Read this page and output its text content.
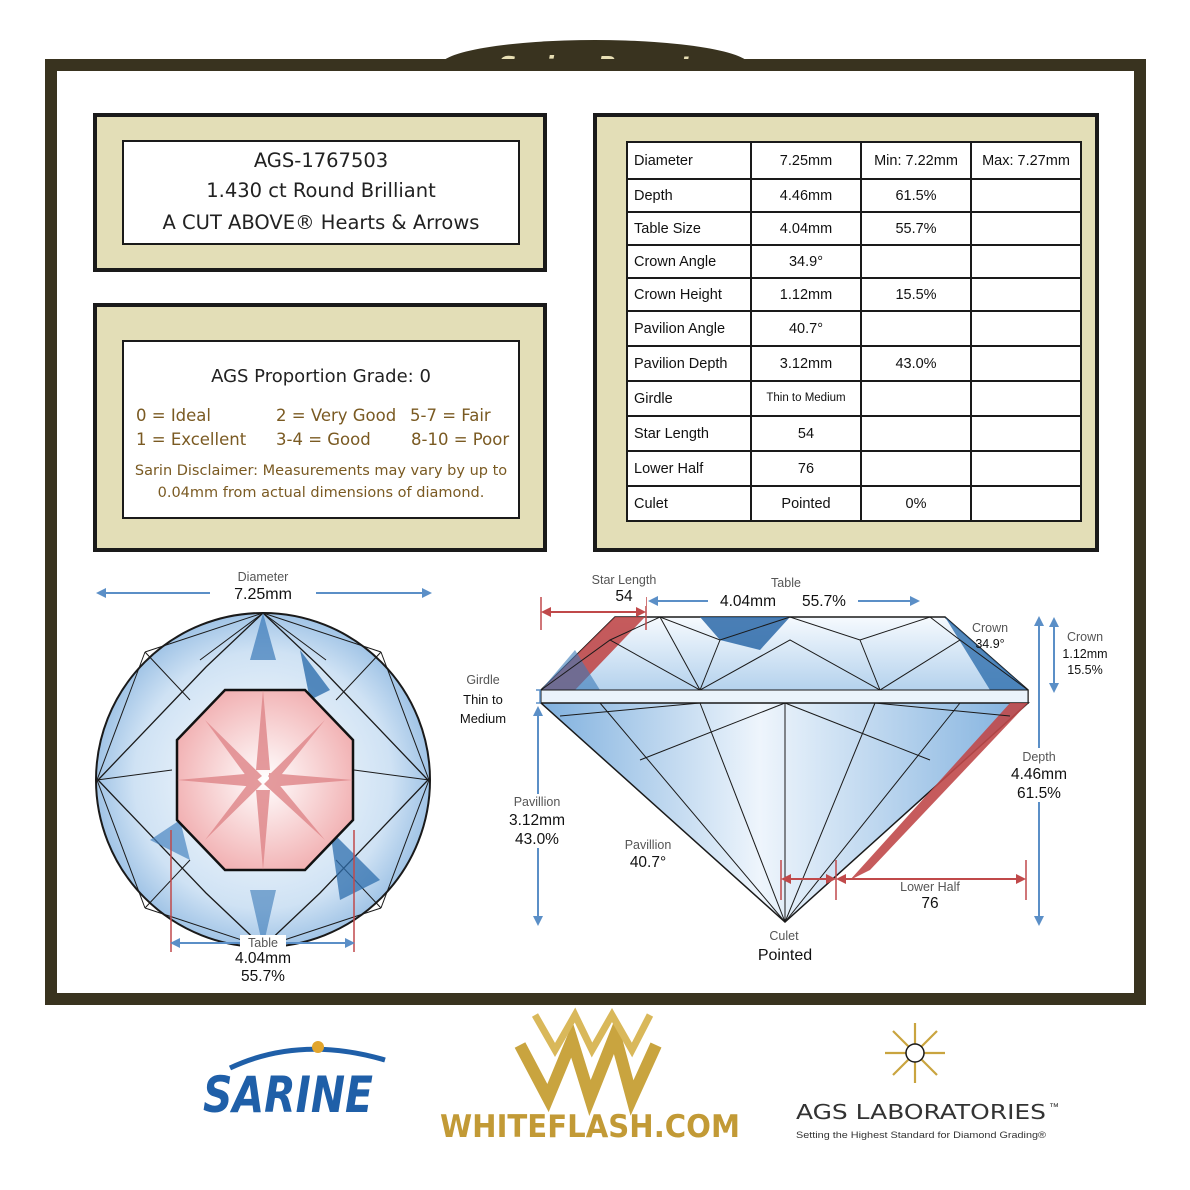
AGS-1767503
1.430 ct Round Brilliant
A CUT ABOVE® Hearts & Arrows
AGS Proportion Grade: 0
0 = Ideal	2 = Very Good 5-7 = Fair
1 = Excellent 3-4 = Good 8-10 = Poor
Sarin Disclaimer: Measurements may vary by up to 0.04mm from actual dimensions of diamond.
Diameter	7.25mm	Min: 7.22mm	Max: 7.27mm
Depth	4.46mm	61.5%	
Table Size	4.04mm	55.7%	
Crown Angle	34.9°		
Crown Height	1.12mm	15.5%	
Pavilion Angle	40.7°		
Pavilion Depth	3.12mm	43.0%	
Girdle	Thin to Medium		
Star Length	54		
Lower Half	76		
Culet	Pointed	0%	
Diameter
7.25mm
Table
4.04mm
55.7%
Star Length
54
Table
4.04mm 55.7%
Crown
34.9°	Crown
1.12mm
15.5%
Girdle
Thin to
Medium
Depth
4.46mm
61.5%
Pavillion
3.12mm
43.0%	Pavillion
40.7°
Lower Half
76
Culet
Pointed
SARINE
WHITEFLASH.COM	AGS LABORATORIES ™
Setting the Highest Standard for Diamond Grading®
